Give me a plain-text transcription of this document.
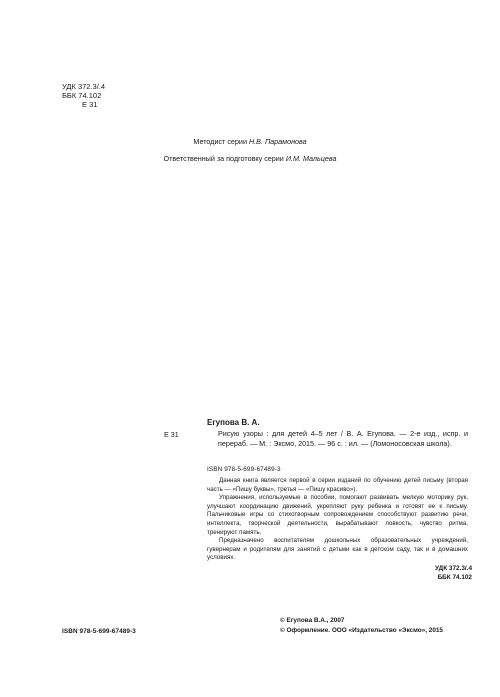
УДК 372.3/.4
ББК 74.102
Е 31
Методист серии Н.В. Парамонова
Ответственный за подготовку серии И.М. Мальцева
Егупова В. А.
Е 31	Рисую узоры : для детей 4–5 лет / В. А. Егупова. — 2-е изд., испр. и перераб. — М. : Эксмо, 2015. — 96 с. : ил. — (Ломоносовская школа).
ISBN 978-5-699-67489-3

Данная книга является первой в серии изданий по обучению детей письму (вторая часть — «Пишу буквы», третья — «Пишу красиво»).

Упражнения, используемые в пособии, помогают развивать мелкую моторику рук, улучшают координацию движений, укрепляют руку ребенка и готовят ее к письму. Пальчиковые игры со стихотворным сопровождением способствуют развитию речи, интеллекта, творческой деятельности, вырабатывают ловкость, чувство ритма, тренируют память.

Предназначено воспитателям дошкольных образовательных учреждений, гувернерам и родителям для занятий с детьми как в детском саду, так и в домашних условиях.

УДК 372.3/.4
ББК 74.102
ISBN 978-5-699-67489-3
© Егупова В.А., 2007
© Оформление. ООО «Издательство «Эксмо», 2015
